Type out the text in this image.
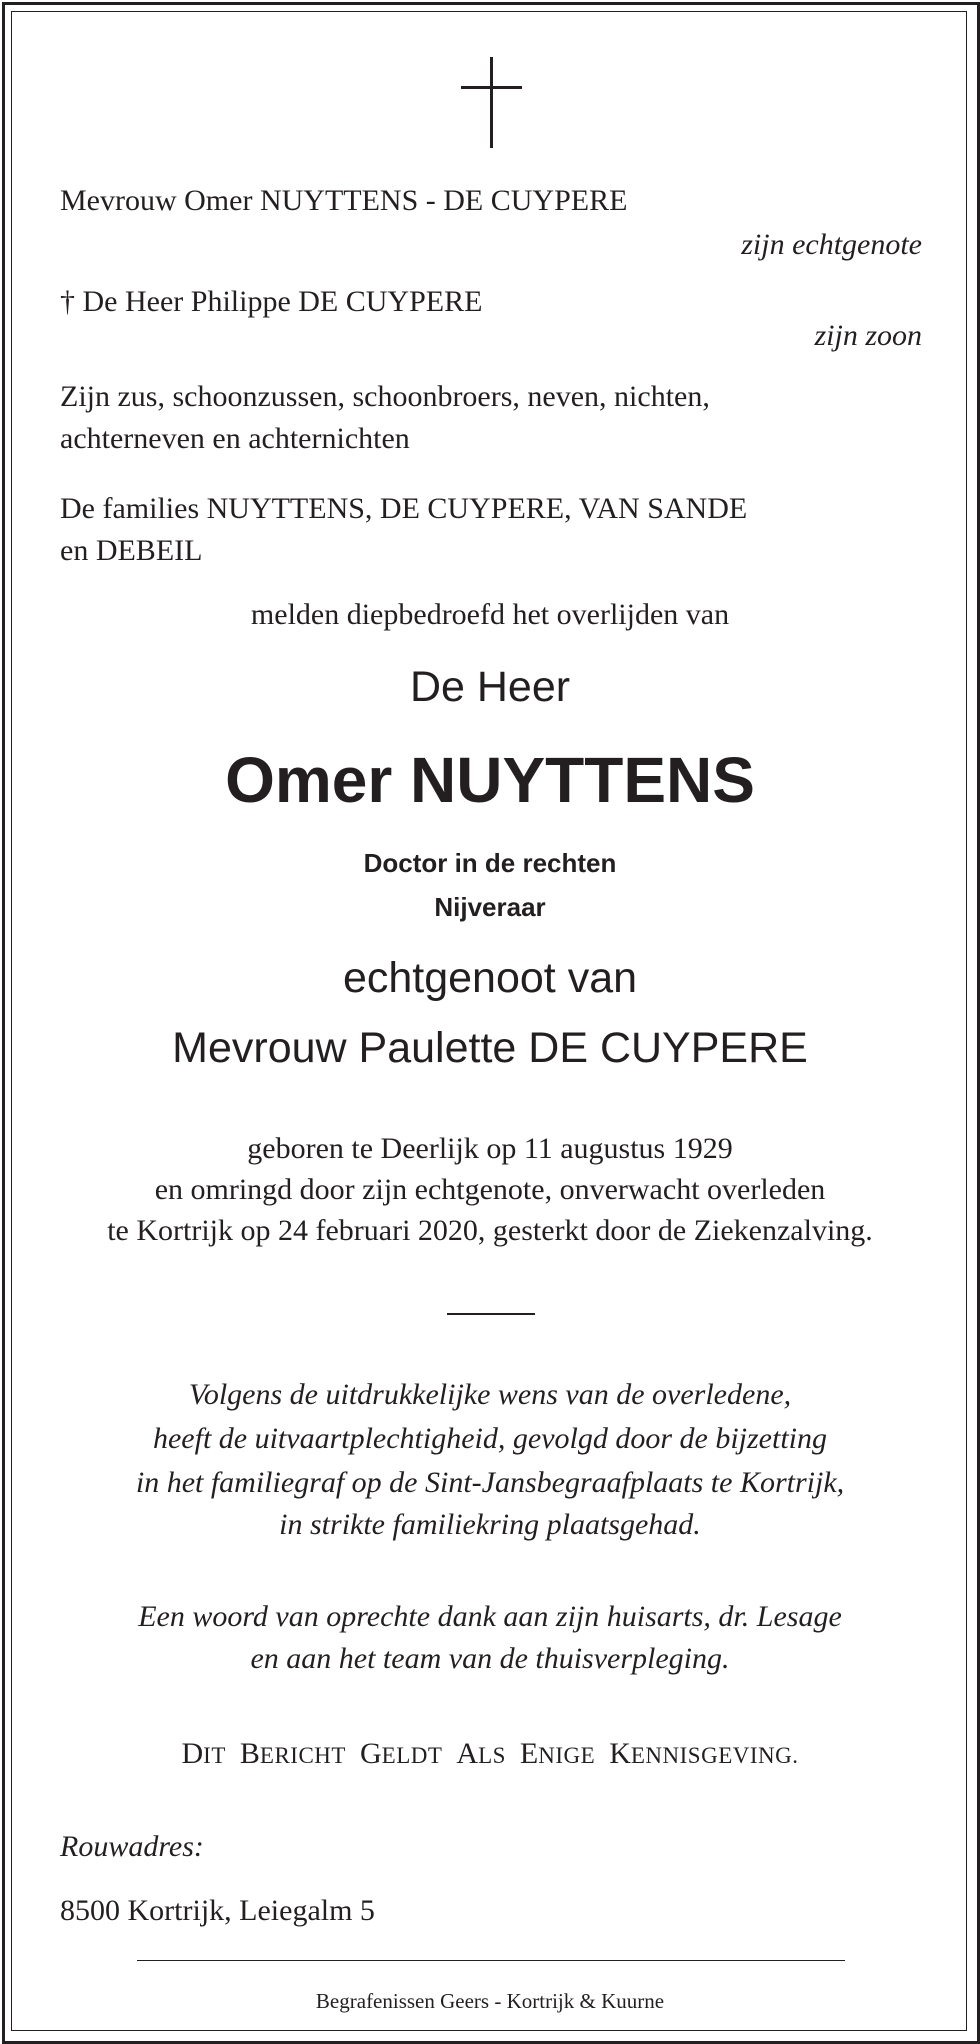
Mevrouw Omer NUYTTENS - DE CUYPERE
zijn echtgenote
† De Heer Philippe DE CUYPERE
zijn zoon
Zijn zus, schoonzussen, schoonbroers, neven, nichten,
achterneven en achternichten
De families NUYTTENS, DE CUYPERE, VAN SANDE
en DEBEIL
melden diepbedroefd het overlijden van
De Heer
Omer NUYTTENS
Doctor in de rechten
Nijveraar
echtgenoot van
Mevrouw Paulette DE CUYPERE
geboren te Deerlijk op 11 augustus 1929
en omringd door zijn echtgenote, onverwacht overleden
te Kortrijk op 24 februari 2020, gesterkt door de Ziekenzalving.
Volgens de uitdrukkelijke wens van de overledene,
heeft de uitvaartplechtigheid, gevolgd door de bijzetting
in het familiegraf op de Sint-Jansbegraafplaats te Kortrijk,
in strikte familiekring plaatsgehad.
Een woord van oprechte dank aan zijn huisarts, dr. Lesage
en aan het team van de thuisverpleging.
DIT BERICHT GELDT ALS ENIGE KENNISGEVING.
Rouwadres:
8500 Kortrijk, Leiegalm 5
Begrafenissen Geers - Kortrijk & Kuurne
